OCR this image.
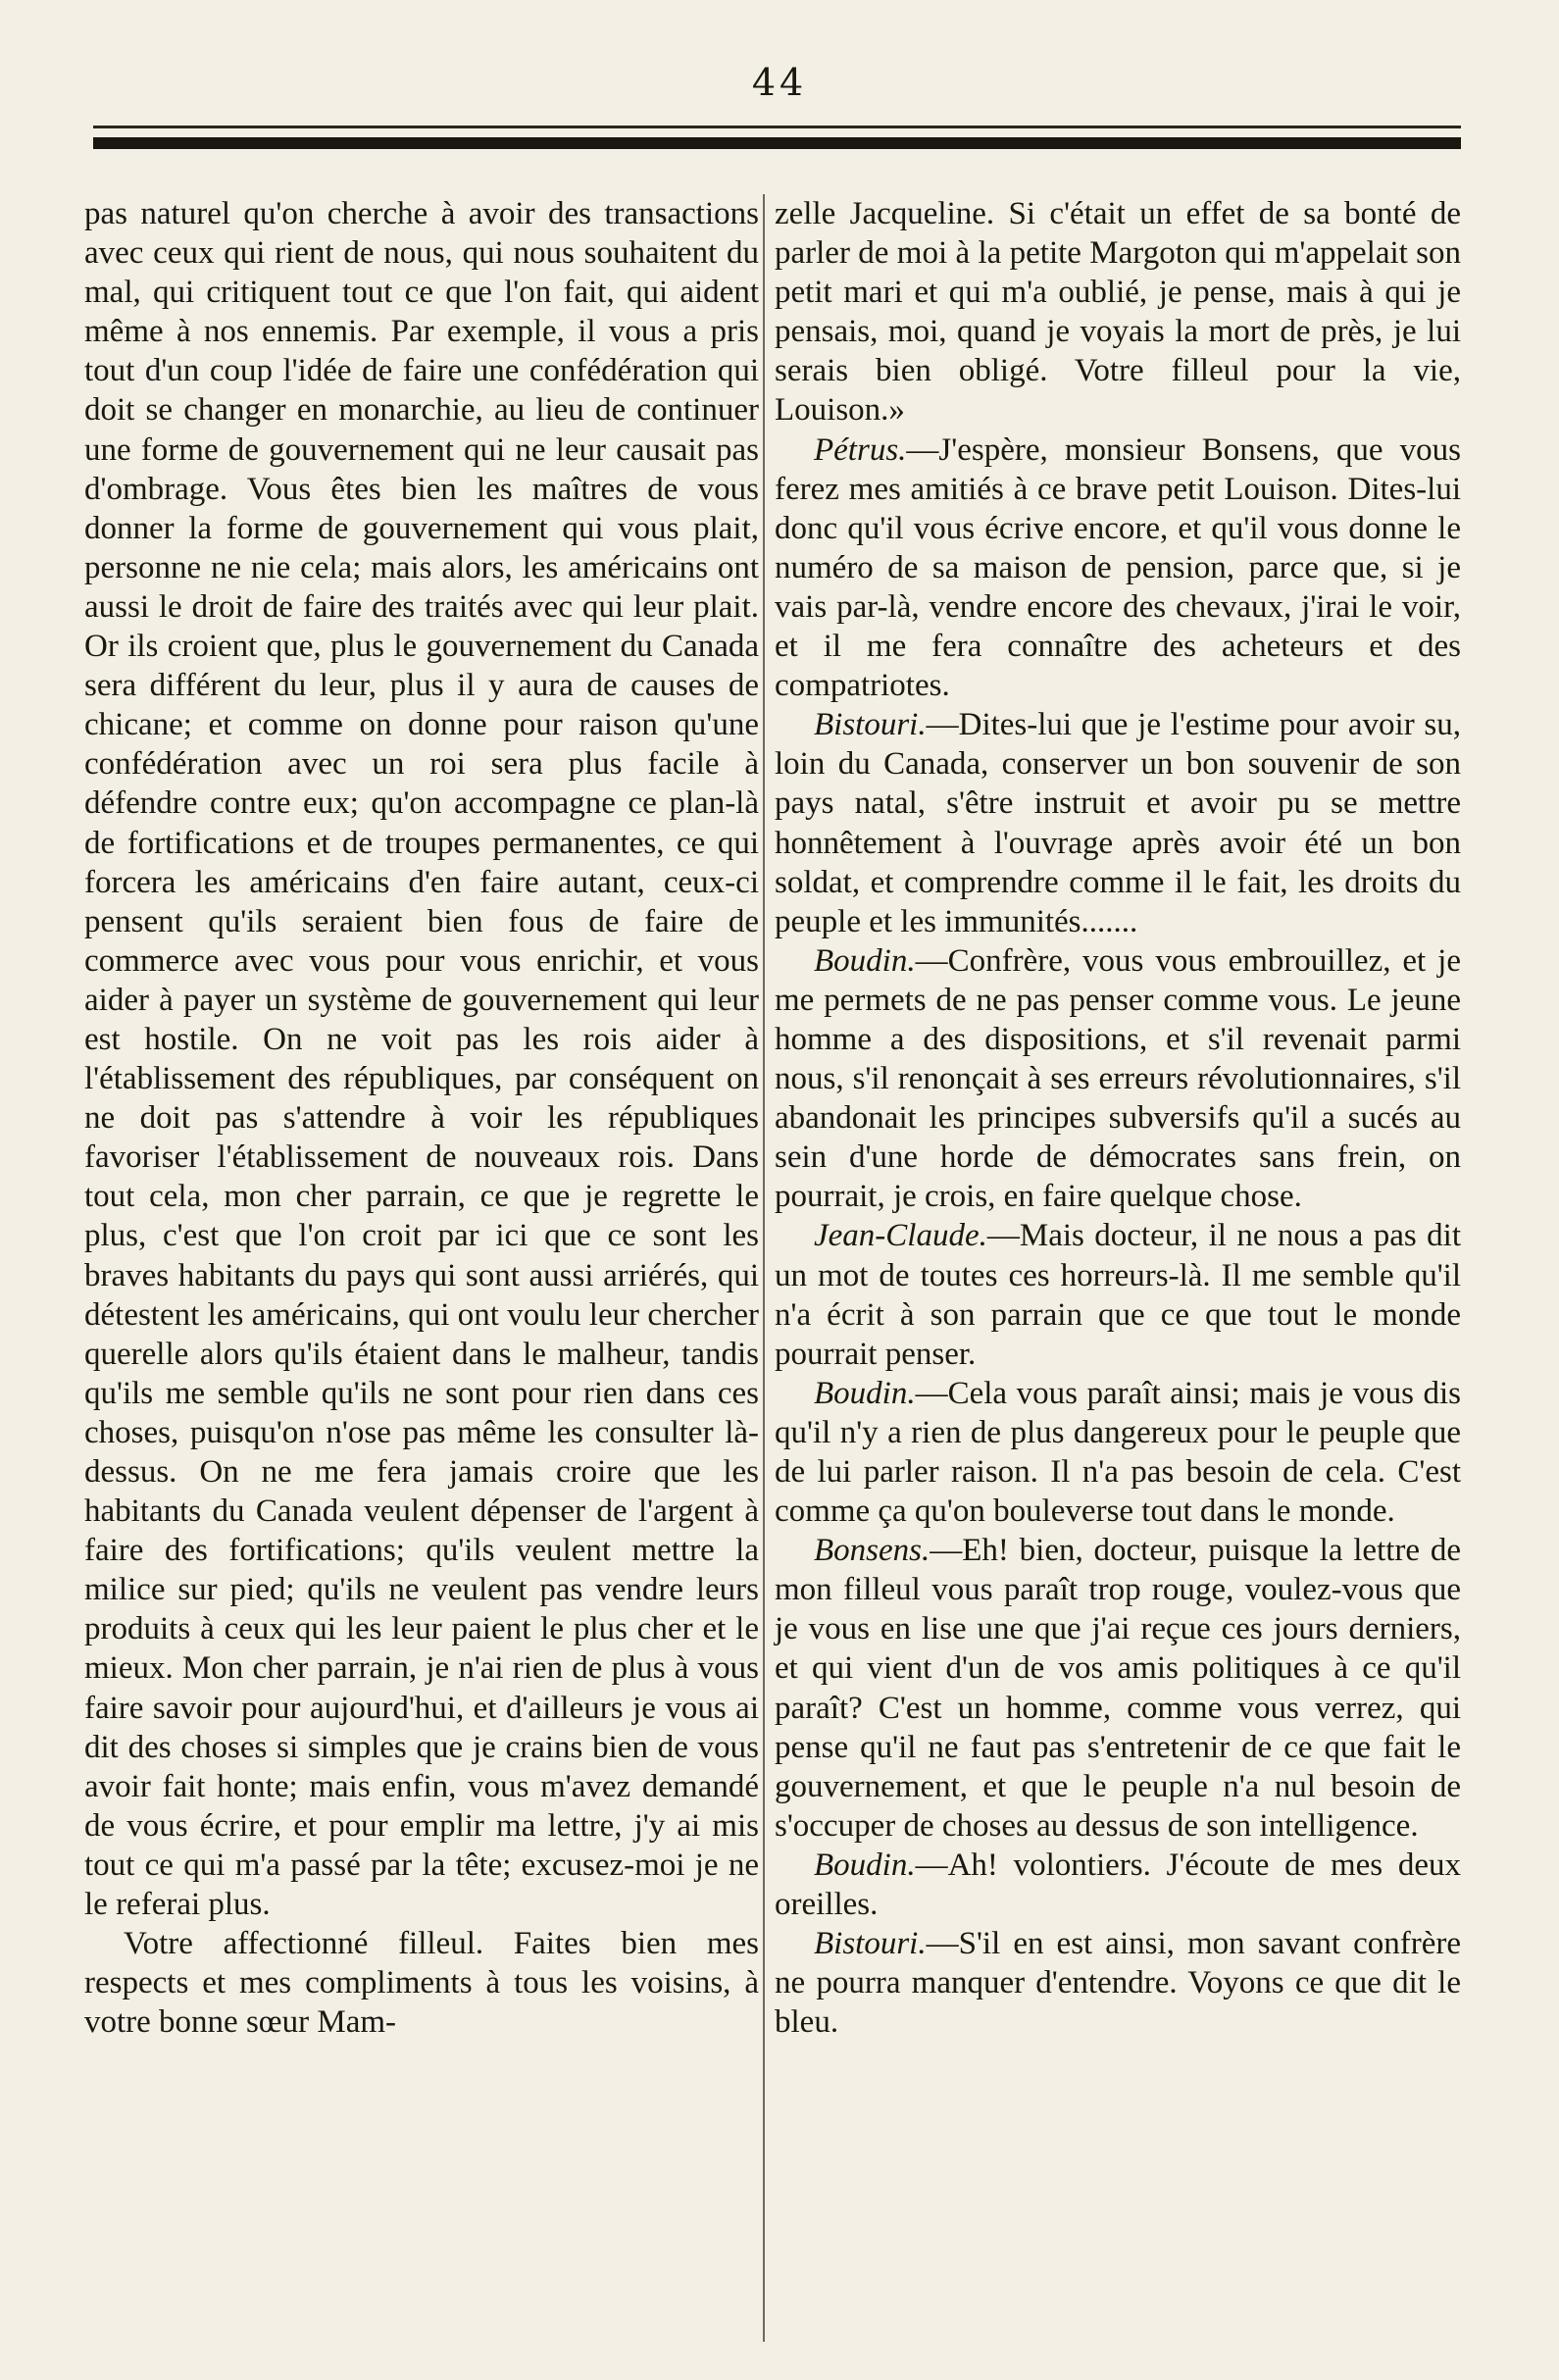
44

pas naturel qu'on cherche à avoir des transactions avec ceux qui rient de nous, qui nous souhaitent du mal, qui critiquent tout ce que l'on fait, qui aident même à nos ennemis. Par exemple, il vous a pris tout d'un coup l'idée de faire une confédération qui doit se changer en monarchie, au lieu de continuer une forme de gouvernement qui ne leur causait pas d'ombrage. Vous êtes bien les maîtres de vous donner la forme de gouvernement qui vous plait, personne ne nie cela; mais alors, les américains ont aussi le droit de faire des traités avec qui leur plait. Or ils croient que, plus le gouvernement du Canada sera différent du leur, plus il y aura de causes de chicane; et comme on donne pour raison qu'une confédération avec un roi sera plus facile à défendre contre eux; qu'on accompagne ce plan-là de fortifications et de troupes permanentes, ce qui forcera les américains d'en faire autant, ceux-ci pensent qu'ils seraient bien fous de faire de commerce avec vous pour vous enrichir, et vous aider à payer un système de gouvernement qui leur est hostile. On ne voit pas les rois aider à l'établissement des républiques, par conséquent on ne doit pas s'attendre à voir les républiques favoriser l'établissement de nouveaux rois. Dans tout cela, mon cher parrain, ce que je regrette le plus, c'est que l'on croit par ici que ce sont les braves habitants du pays qui sont aussi arriérés, qui détestent les américains, qui ont voulu leur chercher querelle alors qu'ils étaient dans le malheur, tandis qu'ils me semble qu'ils ne sont pour rien dans ces choses, puisqu'on n'ose pas même les consulter là-dessus. On ne me fera jamais croire que les habitants du Canada veulent dépenser de l'argent à faire des fortifications; qu'ils veulent mettre la milice sur pied; qu'ils ne veulent pas vendre leurs produits à ceux qui les leur paient le plus cher et le mieux. Mon cher parrain, je n'ai rien de plus à vous faire savoir pour aujourd'hui, et d'ailleurs je vous ai dit des choses si simples que je crains bien de vous avoir fait honte; mais enfin, vous m'avez demandé de vous écrire, et pour emplir ma lettre, j'y ai mis tout ce qui m'a passé par la tête; excusez-moi je ne le referai plus.

Votre affectionné filleul. Faites bien mes respects et mes compliments à tous les voisins, à votre bonne sœur Mam-

zelle Jacqueline. Si c'était un effet de sa bonté de parler de moi à la petite Margoton qui m'appelait son petit mari et qui m'a oublié, je pense, mais à qui je pensais, moi, quand je voyais la mort de près, je lui serais bien obligé. Votre filleul pour la vie, Louison.»

Pétrus.—J'espère, monsieur Bonsens, que vous ferez mes amitiés à ce brave petit Louison. Dites-lui donc qu'il vous écrive encore, et qu'il vous donne le numéro de sa maison de pension, parce que, si je vais par-là, vendre encore des chevaux, j'irai le voir, et il me fera connaître des acheteurs et des compatriotes.

Bistouri.—Dites-lui que je l'estime pour avoir su, loin du Canada, conserver un bon souvenir de son pays natal, s'être instruit et avoir pu se mettre honnêtement à l'ouvrage après avoir été un bon soldat, et comprendre comme il le fait, les droits du peuple et les immunités.......

Boudin.—Confrère, vous vous embrouillez, et je me permets de ne pas penser comme vous. Le jeune homme a des dispositions, et s'il revenait parmi nous, s'il renonçait à ses erreurs révolutionnaires, s'il abandonait les principes subversifs qu'il a sucés au sein d'une horde de démocrates sans frein, on pourrait, je crois, en faire quelque chose.

Jean-Claude.—Mais docteur, il ne nous a pas dit un mot de toutes ces horreurs-là. Il me semble qu'il n'a écrit à son parrain que ce que tout le monde pourrait penser.

Boudin.—Cela vous paraît ainsi; mais je vous dis qu'il n'y a rien de plus dangereux pour le peuple que de lui parler raison. Il n'a pas besoin de cela. C'est comme ça qu'on bouleverse tout dans le monde.

Bonsens.—Eh! bien, docteur, puisque la lettre de mon filleul vous paraît trop rouge, voulez-vous que je vous en lise une que j'ai reçue ces jours derniers, et qui vient d'un de vos amis politiques à ce qu'il paraît? C'est un homme, comme vous verrez, qui pense qu'il ne faut pas s'entretenir de ce que fait le gouvernement, et que le peuple n'a nul besoin de s'occuper de choses au dessus de son intelligence.

Boudin.—Ah! volontiers. J'écoute de mes deux oreilles.

Bistouri.—S'il en est ainsi, mon savant confrère ne pourra manquer d'entendre. Voyons ce que dit le bleu.
